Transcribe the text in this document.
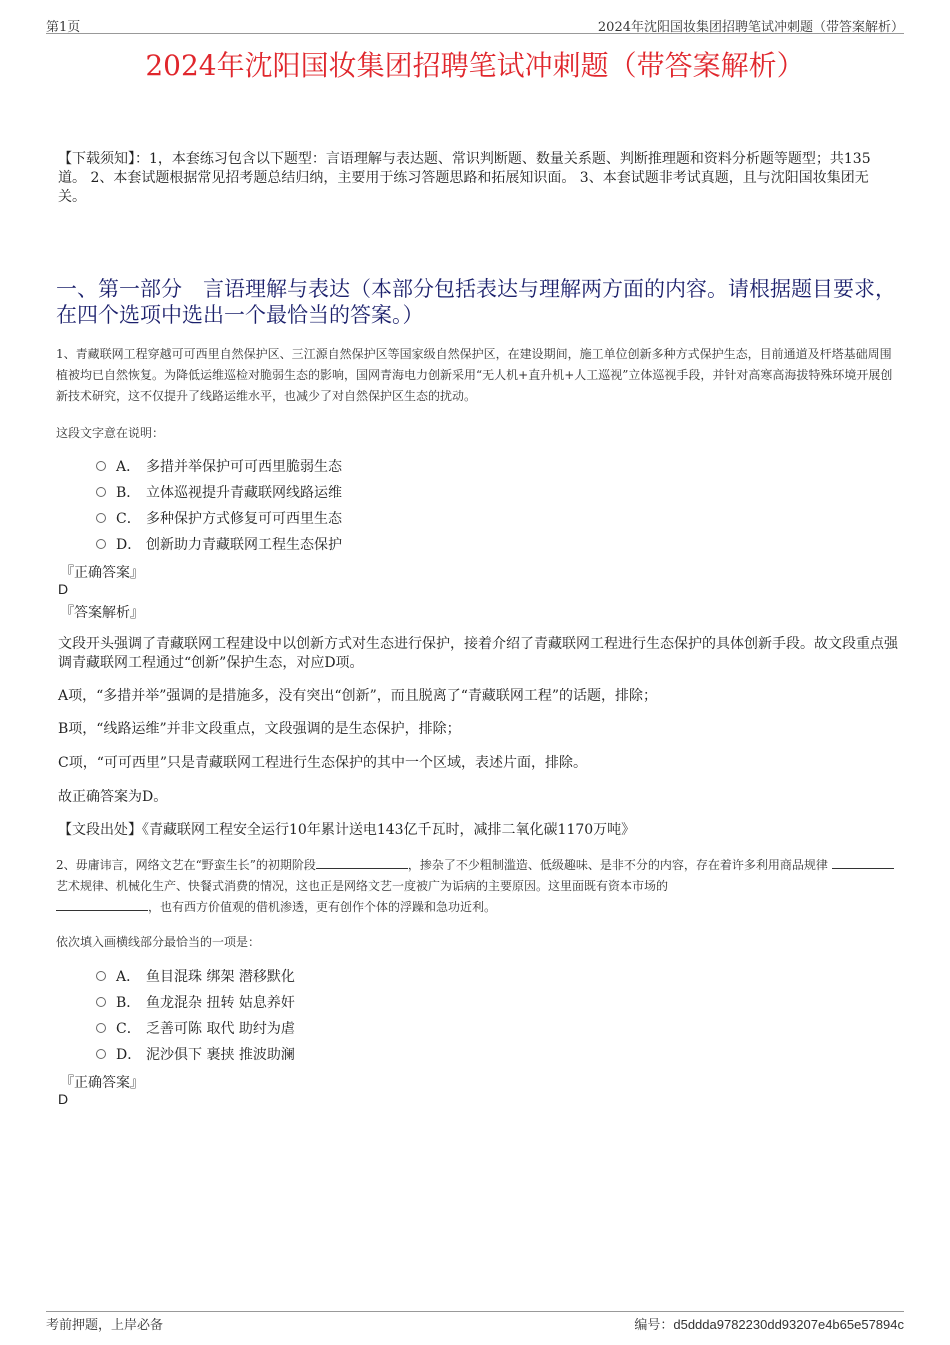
第1页	2024年沈阳国妆集团招聘笔试冲刺题（带答案解析）
2024年沈阳国妆集团招聘笔试冲刺题（带答案解析）
【下载须知】：1，本套练习包含以下题型：言语理解与表达题、常识判断题、数量关系题、判断推理题和资料分析题等题型；共135道。 2、本套试题根据常见招考题总结归纳，主要用于练习答题思路和拓展知识面。 3、本套试题非考试真题，且与沈阳国妆集团无关。
一、第一部分　言语理解与表达（本部分包括表达与理解两方面的内容。请根据题目要求，在四个选项中选出一个最恰当的答案。）
1、青藏联网工程穿越可可西里自然保护区、三江源自然保护区等国家级自然保护区，在建设期间，施工单位创新多种方式保护生态，目前通道及杆塔基础周围植被均已自然恢复。为降低运维巡检对脆弱生态的影响，国网青海电力创新采用“无人机+直升机+人工巡视”立体巡视手段，并针对高寒高海拔特殊环境开展创新技术研究，这不仅提升了线路运维水平，也减少了对自然保护区生态的扰动。
这段文字意在说明：
A． 多措并举保护可可西里脆弱生态
B． 立体巡视提升青藏联网线路运维
C． 多种保护方式修复可可西里生态
D． 创新助力青藏联网工程生态保护
『正确答案』
D
『答案解析』
文段开头强调了青藏联网工程建设中以创新方式对生态进行保护，接着介绍了青藏联网工程进行生态保护的具体创新手段。故文段重点强调青藏联网工程通过“创新”保护生态，对应D项。
A项，“多措并举”强调的是措施多，没有突出“创新”，而且脱离了“青藏联网工程”的话题，排除；
B项，“线路运维”并非文段重点，文段强调的是生态保护，排除；
C项，“可可西里”只是青藏联网工程进行生态保护的其中一个区域，表述片面，排除。
故正确答案为D。
【文段出处】《青藏联网工程安全运行10年累计送电143亿千瓦时，减排二氧化碳1170万吨》
2、毋庸讳言，网络文艺在“野蛮生长”的初期阶段	，掺杂了不少粗制滥造、低级趣味、是非不分的内容，存在着许多利用商品规律 艺术规律、机械化生产、快餐式消费的情况，这也正是网络文艺一度被广为诟病的主要原因。这里面既有资本市场的
，也有西方价值观的借机渗透，更有创作个体的浮躁和急功近利。
依次填入画横线部分最恰当的一项是：
A． 鱼目混珠 绑架 潜移默化
B． 鱼龙混杂 扭转 姑息养奸
C． 乏善可陈 取代 助纣为虐
D． 泥沙俱下 裹挟 推波助澜
『正确答案』
D
考前押题，上岸必备	编号：d5ddda9782230dd93207e4b65e57894c
